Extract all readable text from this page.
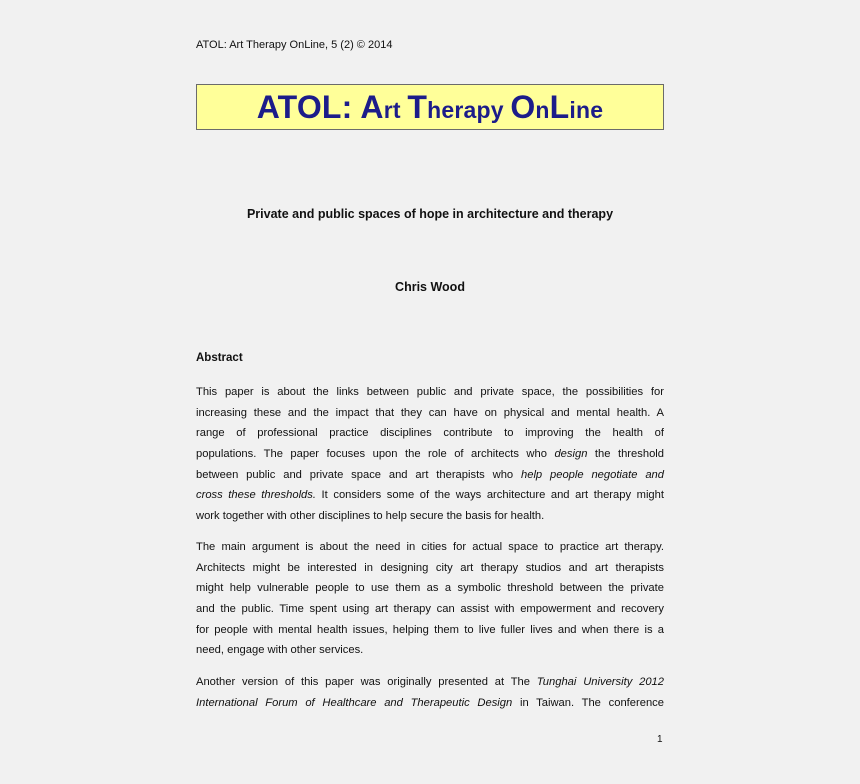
ATOL: Art Therapy OnLine, 5 (2) © 2014
ATOL: Art Therapy OnLine
Private and public spaces of hope in architecture and therapy
Chris Wood
Abstract
This paper is about the links between public and private space, the possibilities for
increasing these and the impact that they can have on physical and mental health. A
range of professional practice disciplines contribute to improving the health of
populations. The paper focuses upon the role of architects who design the threshold
between public and private space and art therapists who help people negotiate and
cross these thresholds. It considers some of the ways architecture and art therapy might
work together with other disciplines to help secure the basis for health.
The main argument is about the need in cities for actual space to practice art therapy.
Architects might be interested in designing city art therapy studios and art therapists
might help vulnerable people to use them as a symbolic threshold between the private
and the public. Time spent using art therapy can assist with empowerment and recovery
for people with mental health issues, helping them to live fuller lives and when there is a
need, engage with other services.
Another version of this paper was originally presented at The Tunghai University 2012
International Forum of Healthcare and Therapeutic Design in Taiwan. The conference
1
